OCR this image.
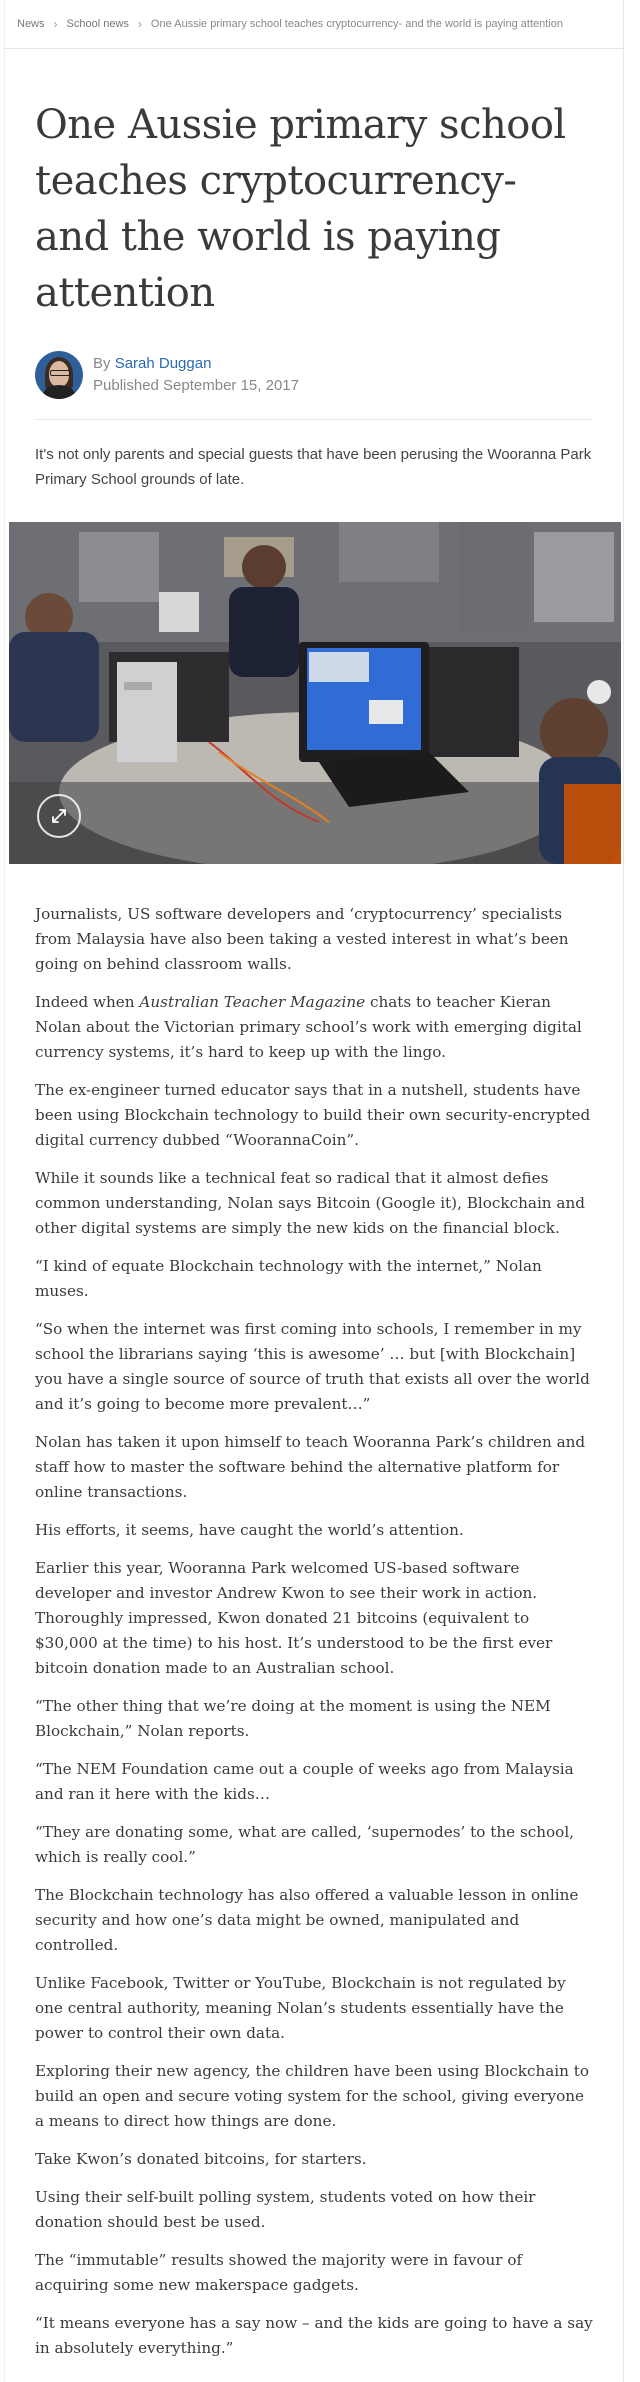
News › School news › One Aussie primary school teaches cryptocurrency- and the world is paying attention
One Aussie primary school teaches cryptocurrency- and the world is paying attention
By Sarah Duggan
Published September 15, 2017

It's not only parents and special guests that have been perusing the Wooranna Park Primary School grounds of late.

Journalists, US software developers and ‘cryptocurrency’ specialists from Malaysia have also been taking a vested interest in what’s been going on behind classroom walls.

Indeed when Australian Teacher Magazine chats to teacher Kieran Nolan about the Victorian primary school’s work with emerging digital currency systems, it’s hard to keep up with the lingo.

The ex-engineer turned educator says that in a nutshell, students have been using Blockchain technology to build their own security-encrypted digital currency dubbed “WoorannaCoin”.

While it sounds like a technical feat so radical that it almost defies common understanding, Nolan says Bitcoin (Google it), Blockchain and other digital systems are simply the new kids on the financial block.

“I kind of equate Blockchain technology with the internet,” Nolan muses.

“So when the internet was first coming into schools, I remember in my school the librarians saying ‘this is awesome’ … but [with Blockchain] you have a single source of source of truth that exists all over the world and it’s going to become more prevalent…”

Nolan has taken it upon himself to teach Wooranna Park’s children and staff how to master the software behind the alternative platform for online transactions.

His efforts, it seems, have caught the world’s attention.

Earlier this year, Wooranna Park welcomed US-based software developer and investor Andrew Kwon to see their work in action.

Thoroughly impressed, Kwon donated 21 bitcoins (equivalent to $30,000 at the time) to his host. It’s understood to be the first ever bitcoin donation made to an Australian school.

“The other thing that we’re doing at the moment is using the NEM Blockchain,” Nolan reports.

“The NEM Foundation came out a couple of weeks ago from Malaysia and ran it here with the kids…

“They are donating some, what are called, ‘supernodes’ to the school, which is really cool.”

The Blockchain technology has also offered a valuable lesson in online security and how one’s data might be owned, manipulated and controlled.

Unlike Facebook, Twitter or YouTube, Blockchain is not regulated by one central authority, meaning Nolan’s students essentially have the power to control their own data.

Exploring their new agency, the children have been using Blockchain to build an open and secure voting system for the school, giving everyone a means to direct how things are done.

Take Kwon’s donated bitcoins, for starters.

Using their self-built polling system, students voted on how their donation should best be used.

The “immutable” results showed the majority were in favour of acquiring some new makerspace gadgets.

“It means everyone has a say now – and the kids are going to have a say in absolutely everything.”
